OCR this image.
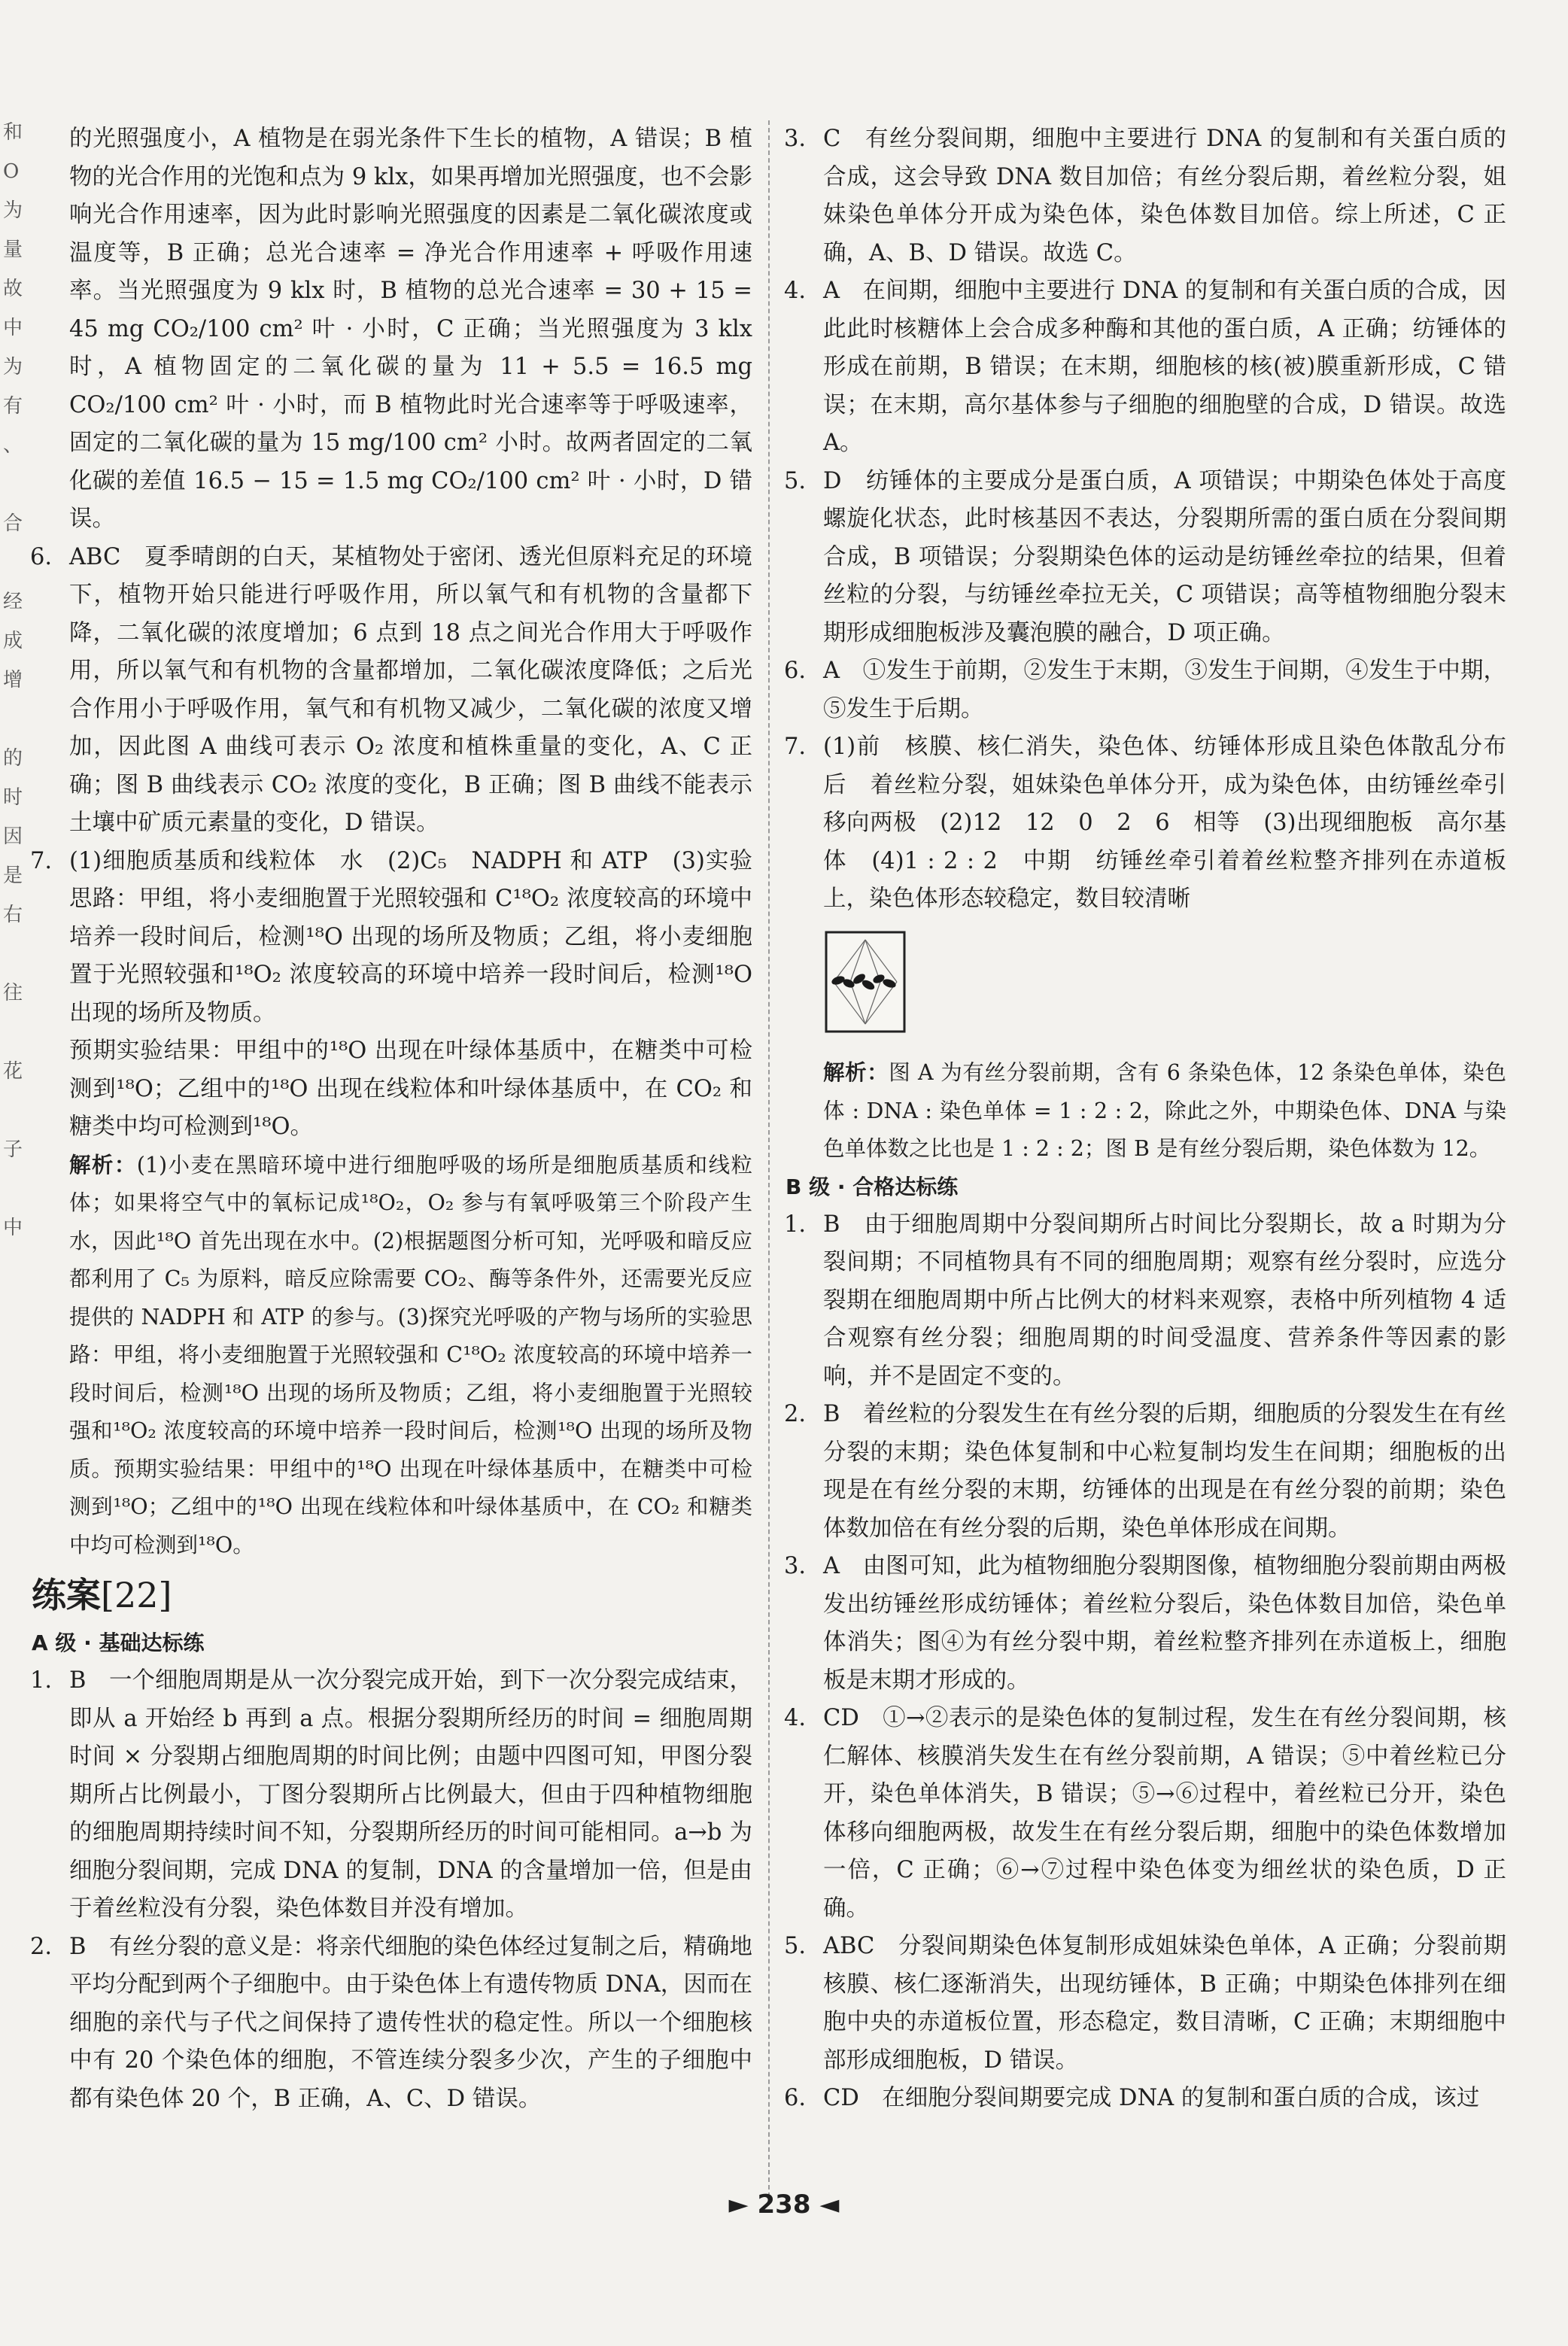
和
O
为
量
故
中
为
有
、

合

经
成
增

的
时
因
是
右

往

花

子

中

的光照强度小，A 植物是在弱光条件下生长的植物，A 错误；B 植物的光合作用的光饱和点为 9 klx，如果再增加光照强度，也不会影响光合作用速率，因为此时影响光照强度的因素是二氧化碳浓度或温度等，B 正确；总光合速率 = 净光合作用速率 + 呼吸作用速率。当光照强度为 9 klx 时，B 植物的总光合速率 = 30 + 15 = 45 mg CO₂/100 cm² 叶 · 小时，C 正确；当光照强度为 3 klx 时，A 植物固定的二氧化碳的量为 11 + 5.5 = 16.5 mg CO₂/100 cm² 叶 · 小时，而 B 植物此时光合速率等于呼吸速率，固定的二氧化碳的量为 15 mg/100 cm² 小时。故两者固定的二氧化碳的差值 16.5 − 15 = 1.5 mg CO₂/100 cm² 叶 · 小时，D 错误。

6. ABC　夏季晴朗的白天，某植物处于密闭、透光但原料充足的环境下，植物开始只能进行呼吸作用，所以氧气和有机物的含量都下降，二氧化碳的浓度增加；6 点到 18 点之间光合作用大于呼吸作用，所以氧气和有机物的含量都增加，二氧化碳浓度降低；之后光合作用小于呼吸作用，氧气和有机物又减少，二氧化碳的浓度又增加，因此图 A 曲线可表示 O₂ 浓度和植株重量的变化，A、C 正确；图 B 曲线表示 CO₂ 浓度的变化，B 正确；图 B 曲线不能表示土壤中矿质元素量的变化，D 错误。
7. (1)细胞质基质和线粒体　水　(2)C₅　NADPH 和 ATP　(3)实验思路：甲组，将小麦细胞置于光照较强和 C¹⁸O₂ 浓度较高的环境中培养一段时间后，检测¹⁸O 出现的场所及物质；乙组，将小麦细胞置于光照较强和¹⁸O₂ 浓度较高的环境中培养一段时间后，检测¹⁸O 出现的场所及物质。

预期实验结果：甲组中的¹⁸O 出现在叶绿体基质中，在糖类中可检测到¹⁸O；乙组中的¹⁸O 出现在线粒体和叶绿体基质中，在 CO₂ 和糖类中均可检测到¹⁸O。

解析：(1)小麦在黑暗环境中进行细胞呼吸的场所是细胞质基质和线粒体；如果将空气中的氧标记成¹⁸O₂，O₂ 参与有氧呼吸第三个阶段产生水，因此¹⁸O 首先出现在水中。(2)根据题图分析可知，光呼吸和暗反应都利用了 C₅ 为原料，暗反应除需要 CO₂、酶等条件外，还需要光反应提供的 NADPH 和 ATP 的参与。(3)探究光呼吸的产物与场所的实验思路：甲组，将小麦细胞置于光照较强和 C¹⁸O₂ 浓度较高的环境中培养一段时间后，检测¹⁸O 出现的场所及物质；乙组，将小麦细胞置于光照较强和¹⁸O₂ 浓度较高的环境中培养一段时间后，检测¹⁸O 出现的场所及物质。预期实验结果：甲组中的¹⁸O 出现在叶绿体基质中，在糖类中可检测到¹⁸O；乙组中的¹⁸O 出现在线粒体和叶绿体基质中，在 CO₂ 和糖类中均可检测到¹⁸O。

练案[22]

A 级 · 基础达标练

1. B　一个细胞周期是从一次分裂完成开始，到下一次分裂完成结束，即从 a 开始经 b 再到 a 点。根据分裂期所经历的时间 = 细胞周期时间 × 分裂期占细胞周期的时间比例；由题中四图可知，甲图分裂期所占比例最小，丁图分裂期所占比例最大，但由于四种植物细胞的细胞周期持续时间不知，分裂期所经历的时间可能相同。a→b 为细胞分裂间期，完成 DNA 的复制，DNA 的含量增加一倍，但是由于着丝粒没有分裂，染色体数目并没有增加。
2. B　有丝分裂的意义是：将亲代细胞的染色体经过复制之后，精确地平均分配到两个子细胞中。由于染色体上有遗传物质 DNA，因而在细胞的亲代与子代之间保持了遗传性状的稳定性。所以一个细胞核中有 20 个染色体的细胞，不管连续分裂多少次，产生的子细胞中都有染色体 20 个，B 正确，A、C、D 错误。
3. C　有丝分裂间期，细胞中主要进行 DNA 的复制和有关蛋白质的合成，这会导致 DNA 数目加倍；有丝分裂后期，着丝粒分裂，姐妹染色单体分开成为染色体，染色体数目加倍。综上所述，C 正确，A、B、D 错误。故选 C。
4. A　在间期，细胞中主要进行 DNA 的复制和有关蛋白质的合成，因此此时核糖体上会合成多种酶和其他的蛋白质，A 正确；纺锤体的形成在前期，B 错误；在末期，细胞核的核(被)膜重新形成，C 错误；在末期，高尔基体参与子细胞的细胞壁的合成，D 错误。故选 A。
5. D　纺锤体的主要成分是蛋白质，A 项错误；中期染色体处于高度螺旋化状态，此时核基因不表达，分裂期所需的蛋白质在分裂间期合成，B 项错误；分裂期染色体的运动是纺锤丝牵拉的结果，但着丝粒的分裂，与纺锤丝牵拉无关，C 项错误；高等植物细胞分裂末期形成细胞板涉及囊泡膜的融合，D 项正确。
6. A　①发生于前期，②发生于末期，③发生于间期，④发生于中期，⑤发生于后期。
7. (1)前　核膜、核仁消失，染色体、纺锤体形成且染色体散乱分布　后　着丝粒分裂，姐妹染色单体分开，成为染色体，由纺锤丝牵引移向两极　(2)12　12　0　2　6　相等　(3)出现细胞板　高尔基体　(4)1 : 2 : 2　中期　纺锤丝牵引着着丝粒整齐排列在赤道板上，染色体形态较稳定，数目较清晰

解析：图 A 为有丝分裂前期，含有 6 条染色体，12 条染色单体，染色体 : DNA : 染色单体 = 1 : 2 : 2，除此之外，中期染色体、DNA 与染色单体数之比也是 1 : 2 : 2；图 B 是有丝分裂后期，染色体数为 12。

B 级 · 合格达标练

1. B　由于细胞周期中分裂间期所占时间比分裂期长，故 a 时期为分裂间期；不同植物具有不同的细胞周期；观察有丝分裂时，应选分裂期在细胞周期中所占比例大的材料来观察，表格中所列植物 4 适合观察有丝分裂；细胞周期的时间受温度、营养条件等因素的影响，并不是固定不变的。
2. B　着丝粒的分裂发生在有丝分裂的后期，细胞质的分裂发生在有丝分裂的末期；染色体复制和中心粒复制均发生在间期；细胞板的出现是在有丝分裂的末期，纺锤体的出现是在有丝分裂的前期；染色体数加倍在有丝分裂的后期，染色单体形成在间期。
3. A　由图可知，此为植物细胞分裂期图像，植物细胞分裂前期由两极发出纺锤丝形成纺锤体；着丝粒分裂后，染色体数目加倍，染色单体消失；图④为有丝分裂中期，着丝粒整齐排列在赤道板上，细胞板是末期才形成的。
4. CD　①→②表示的是染色体的复制过程，发生在有丝分裂间期，核仁解体、核膜消失发生在有丝分裂前期，A 错误；⑤中着丝粒已分开，染色单体消失，B 错误；⑤→⑥过程中，着丝粒已分开，染色体移向细胞两极，故发生在有丝分裂后期，细胞中的染色体数增加一倍，C 正确；⑥→⑦过程中染色体变为细丝状的染色质，D 正确。
5. ABC　分裂间期染色体复制形成姐妹染色单体，A 正确；分裂前期核膜、核仁逐渐消失，出现纺锤体，B 正确；中期染色体排列在细胞中央的赤道板位置，形态稳定，数目清晰，C 正确；末期细胞中部形成细胞板，D 错误。
6. CD　在细胞分裂间期要完成 DNA 的复制和蛋白质的合成，该过
► 238 ◄
